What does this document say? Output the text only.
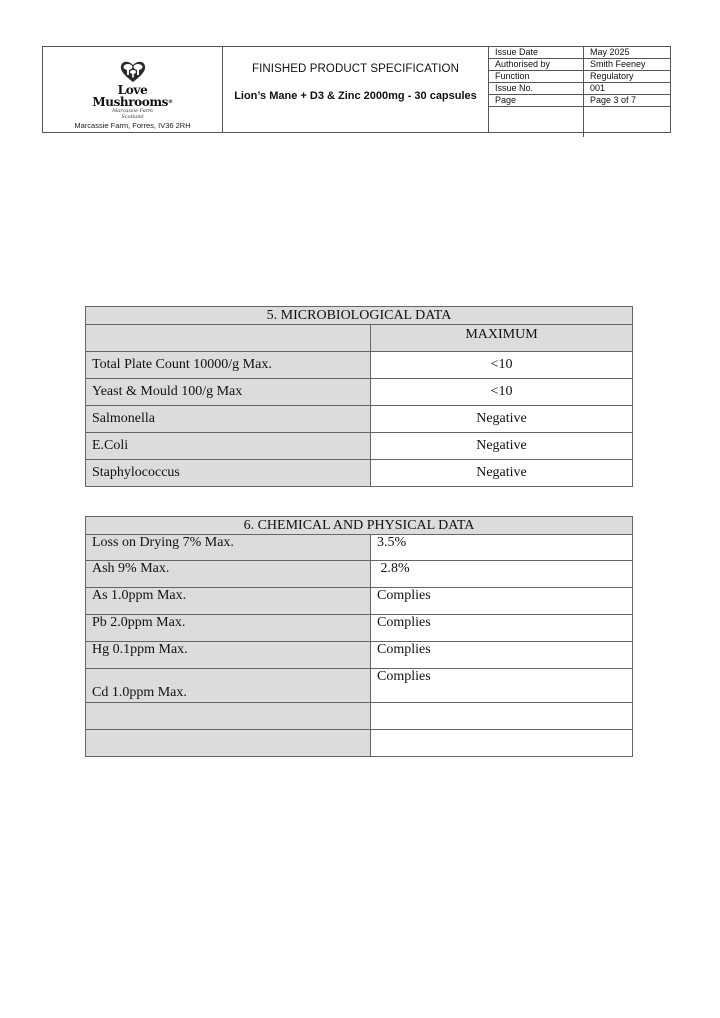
Love
Mushrooms®
Marcassie Farm
Scotland
Marcassie Farm, Forres, IV36 2RH
FINISHED PRODUCT SPECIFICATION
Lion’s Mane + D3 & Zinc 2000mg - 30 capsules
Issue Date	May 2025
Authorised by	Smith Feeney
Function	Regulatory
Issue No.	001
Page	Page 3 of 7

5. MICROBIOLOGICAL DATA	
	MAXIMUM
Total Plate Count 10000/g Max.	<10
Yeast & Mould 100/g Max	<10
Salmonella	Negative
E.Coli	Negative
Staphylococcus	Negative
6. CHEMICAL AND PHYSICAL DATA	
Loss on Drying 7% Max.	3.5%
Ash 9% Max.	2.8%
As 1.0ppm Max.	Complies
Pb 2.0ppm Max.	Complies
Hg 0.1ppm Max.	Complies
Cd 1.0ppm Max.	Complies
